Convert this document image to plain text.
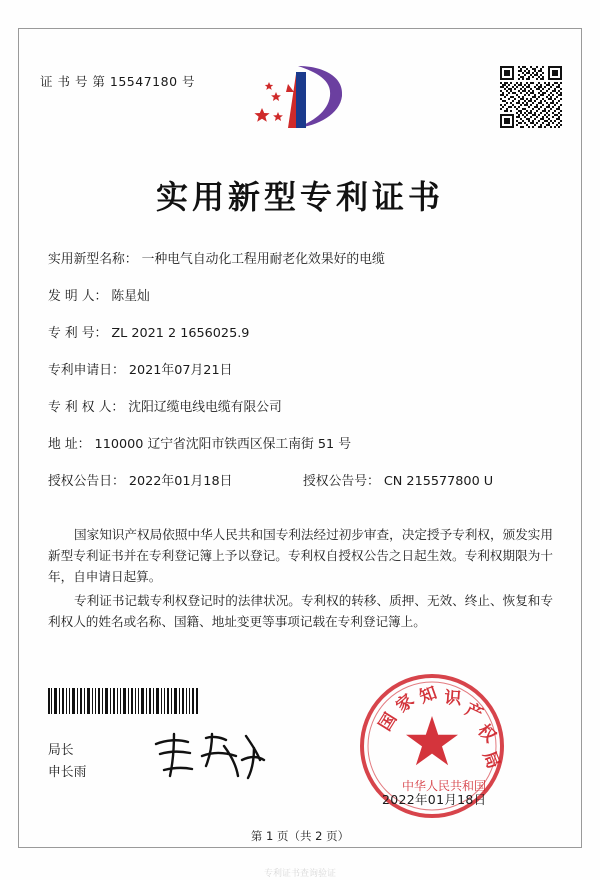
证 书 号 第 15547180 号
实用新型专利证书
实用新型名称： 一种电气自动化工程用耐老化效果好的电缆
发 明 人： 陈星灿
专 利 号： ZL 2021 2 1656025.9
专利申请日： 2021年07月21日
专 利 权 人： 沈阳辽缆电线电缆有限公司
地 址： 110000 辽宁省沈阳市铁西区保工南街 51 号
授权公告日： 2022年01月18日	授权公告号： CN 215577800 U
国家知识产权局依照中华人民共和国专利法经过初步审查，决定授予专利权，颁发实用新型专利证书并在专利登记簿上予以登记。专利权自授权公告之日起生效。专利权期限为十年，自申请日起算。
专利证书记载专利权登记时的法律状况。专利权的转移、质押、无效、终止、恢复和专利权人的姓名或名称、国籍、地址变更等事项记载在专利登记簿上。
局长
申长雨
国
家
知 识
产
权
局
中华人民共和国
2022年01月18日
第 1 页（共 2 页）
专利证书查询验证
